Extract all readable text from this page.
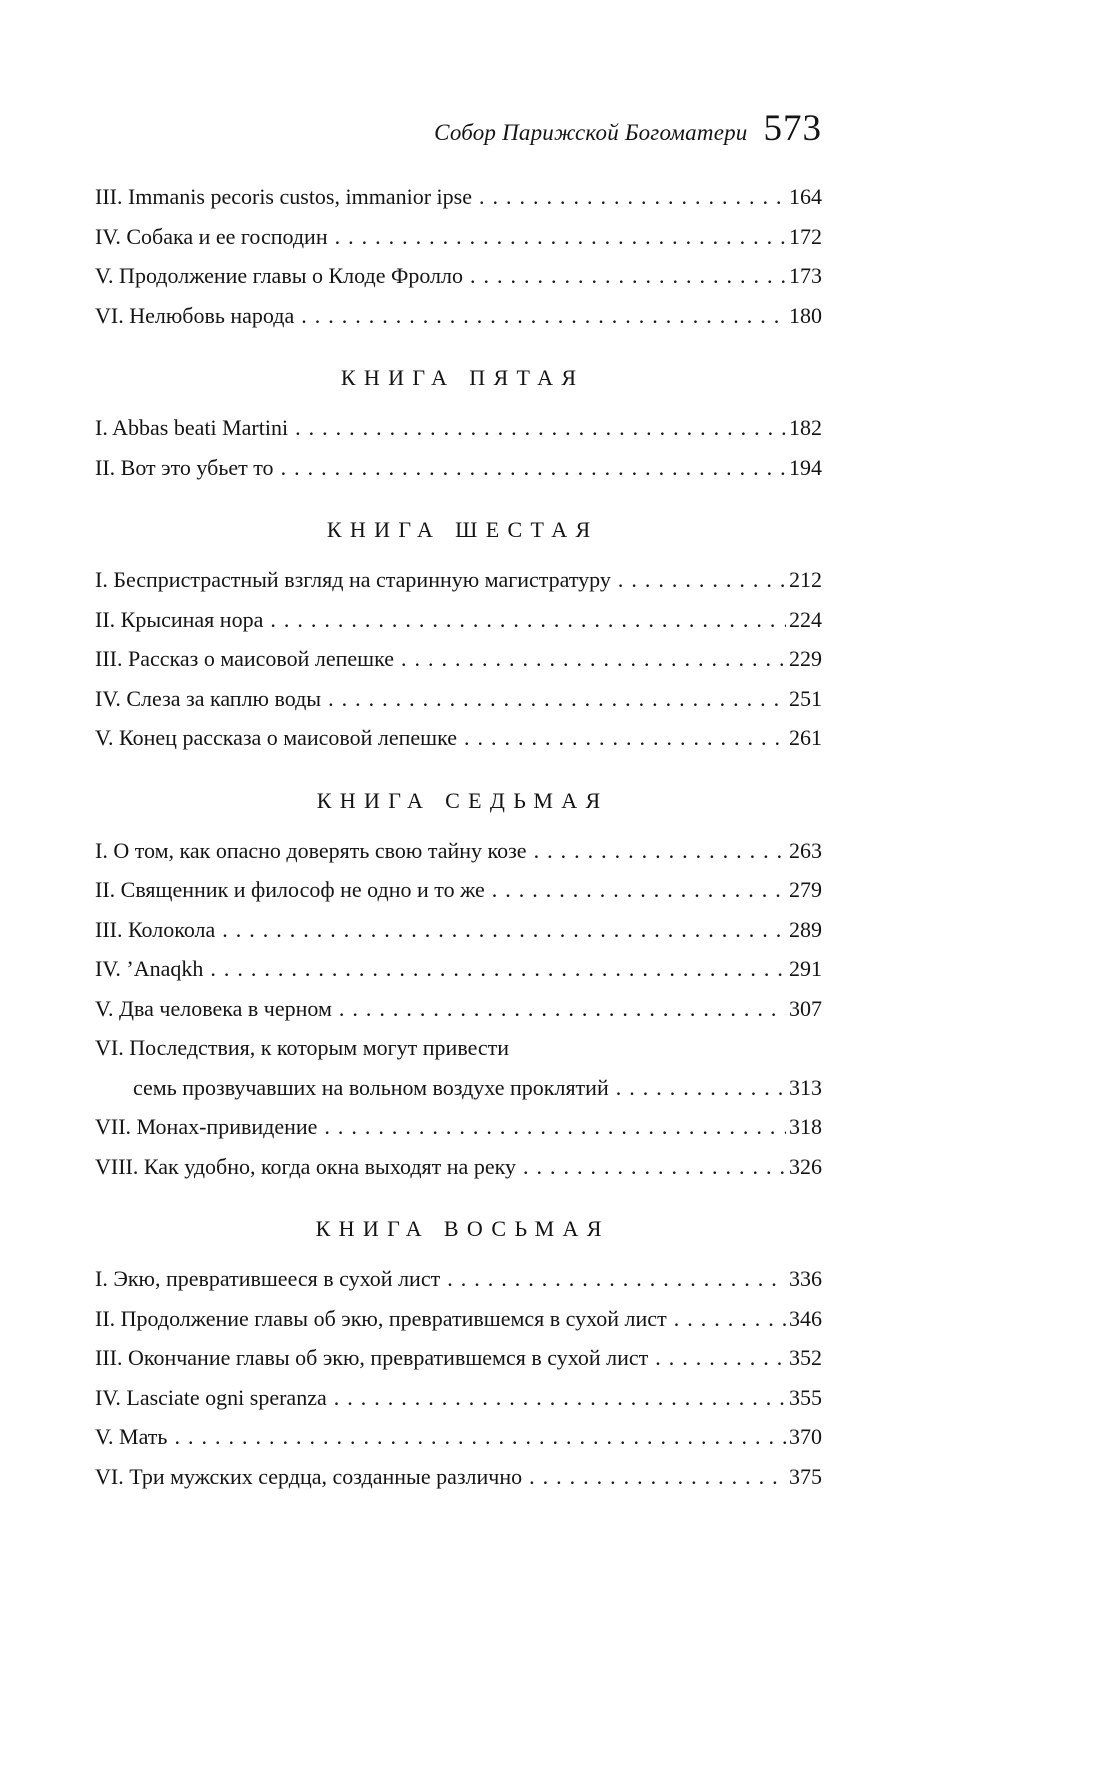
Собор Парижской Богоматери 573
III. Immanis pecoris custos, immanior ipse . . .	164
IV. Собака и ее господин . . .	172
V. Продолжение главы о Клоде Фролло . . .	173
VI. Нелюбовь народа . . .	180
КНИГА ПЯТАЯ
I. Abbas beati Martini . . .	182
II. Вот это убьет то . . .	194
КНИГА ШЕСТАЯ
I. Беспристрастный взгляд на старинную магистратуру . . .	212
II. Крысиная нора . . .	224
III. Рассказ о маисовой лепешке . . .	229
IV. Слеза за каплю воды . . .	251
V. Конец рассказа о маисовой лепешке . . .	261
КНИГА СЕДЬМАЯ
I. О том, как опасно доверять свою тайну козе . . .	263
II. Священник и философ не одно и то же . . .	279
III. Колокола . . .	289
IV. ’Anaqkh . . .	291
V. Два человека в черном . . .	307
VI. Последствия, к которым могут привести
семь прозвучавших на вольном воздухе проклятий . . .	313
VII. Монах-привидение . . .	318
VIII. Как удобно, когда окна выходят на реку . . .	326
КНИГА ВОСЬМАЯ
I. Экю, превратившееся в сухой лист . . .	336
II. Продолжение главы об экю, превратившемся в сухой лист . . .	346
III. Окончание главы об экю, превратившемся в сухой лист . . .	352
IV. Lasciate ogni speranza . . .	355
V. Мать . . .	370
VI. Три мужских сердца, созданные различно . . .	375
